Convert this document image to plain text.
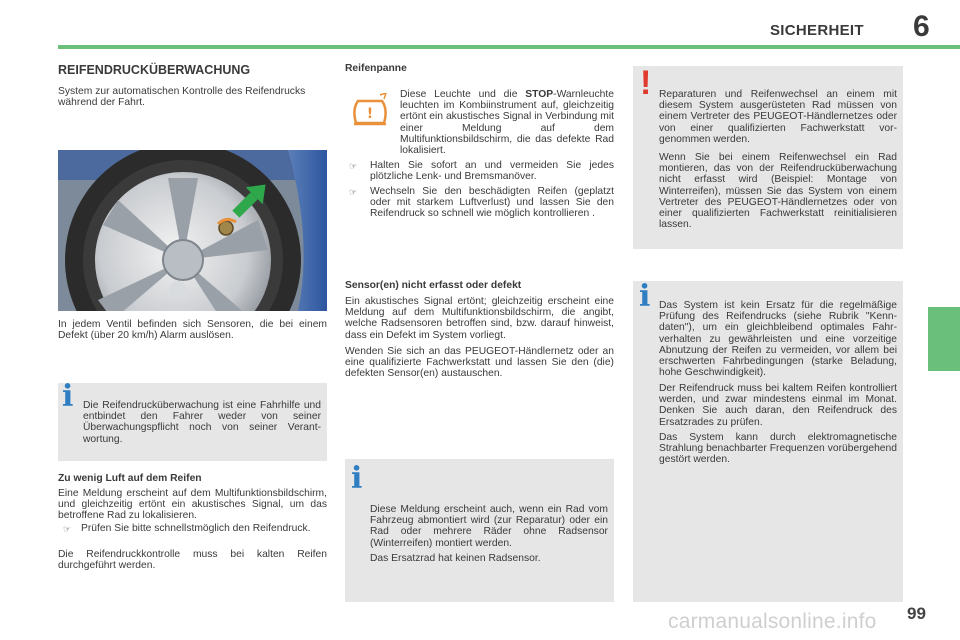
SICHERHEIT 6
REIFENDRUCKÜBERWACHUNG
System zur automatischen Kontrolle des Reifendrucks während der Fahrt.
In jedem Ventil befinden sich Sensoren, die bei einem Defekt (über 20 km/h) Alarm auslösen.
i Die Reifendrucküberwachung ist eine Fahrhilfe und entbindet den Fahrer weder von seiner Überwachungspflicht noch von seiner Verantwortung.
Zu wenig Luft auf dem Reifen
Eine Meldung erscheint auf dem Multifunktionsbildschirm, und gleichzeitig ertönt ein akustisches Signal, um das betroffene Rad zu lokalisieren.
☞ Prüfen Sie bitte schnellstmöglich den Reifendruck.
Die Reifendruckkontrolle muss bei kalten Reifen durchgeführt werden.
Reifenpanne
!
Diese Leuchte und die STOP-Warnleuchte leuchten im Kombiinstrument auf, gleichzeitig ertönt ein akustisches Signal in Verbindung mit einer Meldung auf dem Multifunktionsbildschirm, die das defekte Rad lokalisiert.
☞ Halten Sie sofort an und vermeiden Sie jedes plötzliche Lenk- und Bremsmanöver.
☞ Wechseln Sie den beschädigten Reifen (geplatzt oder mit starkem Luftverlust) und lassen Sie den Reifendruck so schnell wie möglich kontrollieren .
Sensor(en) nicht erfasst oder defekt
Ein akustisches Signal ertönt; gleichzeitig erscheint eine Meldung auf dem Multifunktionsbildschirm, die angibt, welche Radsensoren betroffen sind, bzw. darauf hinweist, dass ein Defekt im System vorliegt.
Wenden Sie sich an das PEUGEOT-Händlernetz oder an eine qualifizierte Fachwerkstatt und lassen Sie den (die) defekten Sensor(en) austauschen.
i
Diese Meldung erscheint auch, wenn ein Rad vom Fahrzeug abmontiert wird (zur Reparatur) oder ein Rad oder mehrere Räder ohne Radsensor (Winterreifen) montiert werden.
Das Ersatzrad hat keinen Radsensor.
! Reparaturen und Reifenwechsel an einem mit diesem System ausgerüsteten Rad müssen von einem Vertreter des PEUGEOT-Händlernetzes oder von einer qualifizierten Fachwerkstatt vorgenommen werden.
Wenn Sie bei einem Reifenwechsel ein Rad montieren, das von der Reifendrucküberwachung nicht erfasst wird (Beispiel: Montage von Winterreifen), müssen Sie das System von einem Vertreter des PEUGEOT-Händlernetzes oder von einer qualifizierten Fachwerkstatt reinitialisieren lassen.
i Das System ist kein Ersatz für die regelmäßige Prüfung des Reifendrucks (siehe Rubrik "Kenndaten"), um ein gleichbleibend optimales Fahrverhalten zu gewährleisten und eine vorzeitige Abnutzung der Reifen zu vermeiden, vor allem bei erschwerten Fahrbedingungen (starke Beladung, hohe Geschwindigkeit).
Der Reifendruck muss bei kaltem Reifen kontrolliert werden, und zwar mindestens einmal im Monat. Denken Sie auch daran, den Reifendruck des Ersatzrades zu prüfen.
Das System kann durch elektromagnetische Strahlung benachbarter Frequenzen vorübergehend gestört werden.
carmanualsonline.info 99
